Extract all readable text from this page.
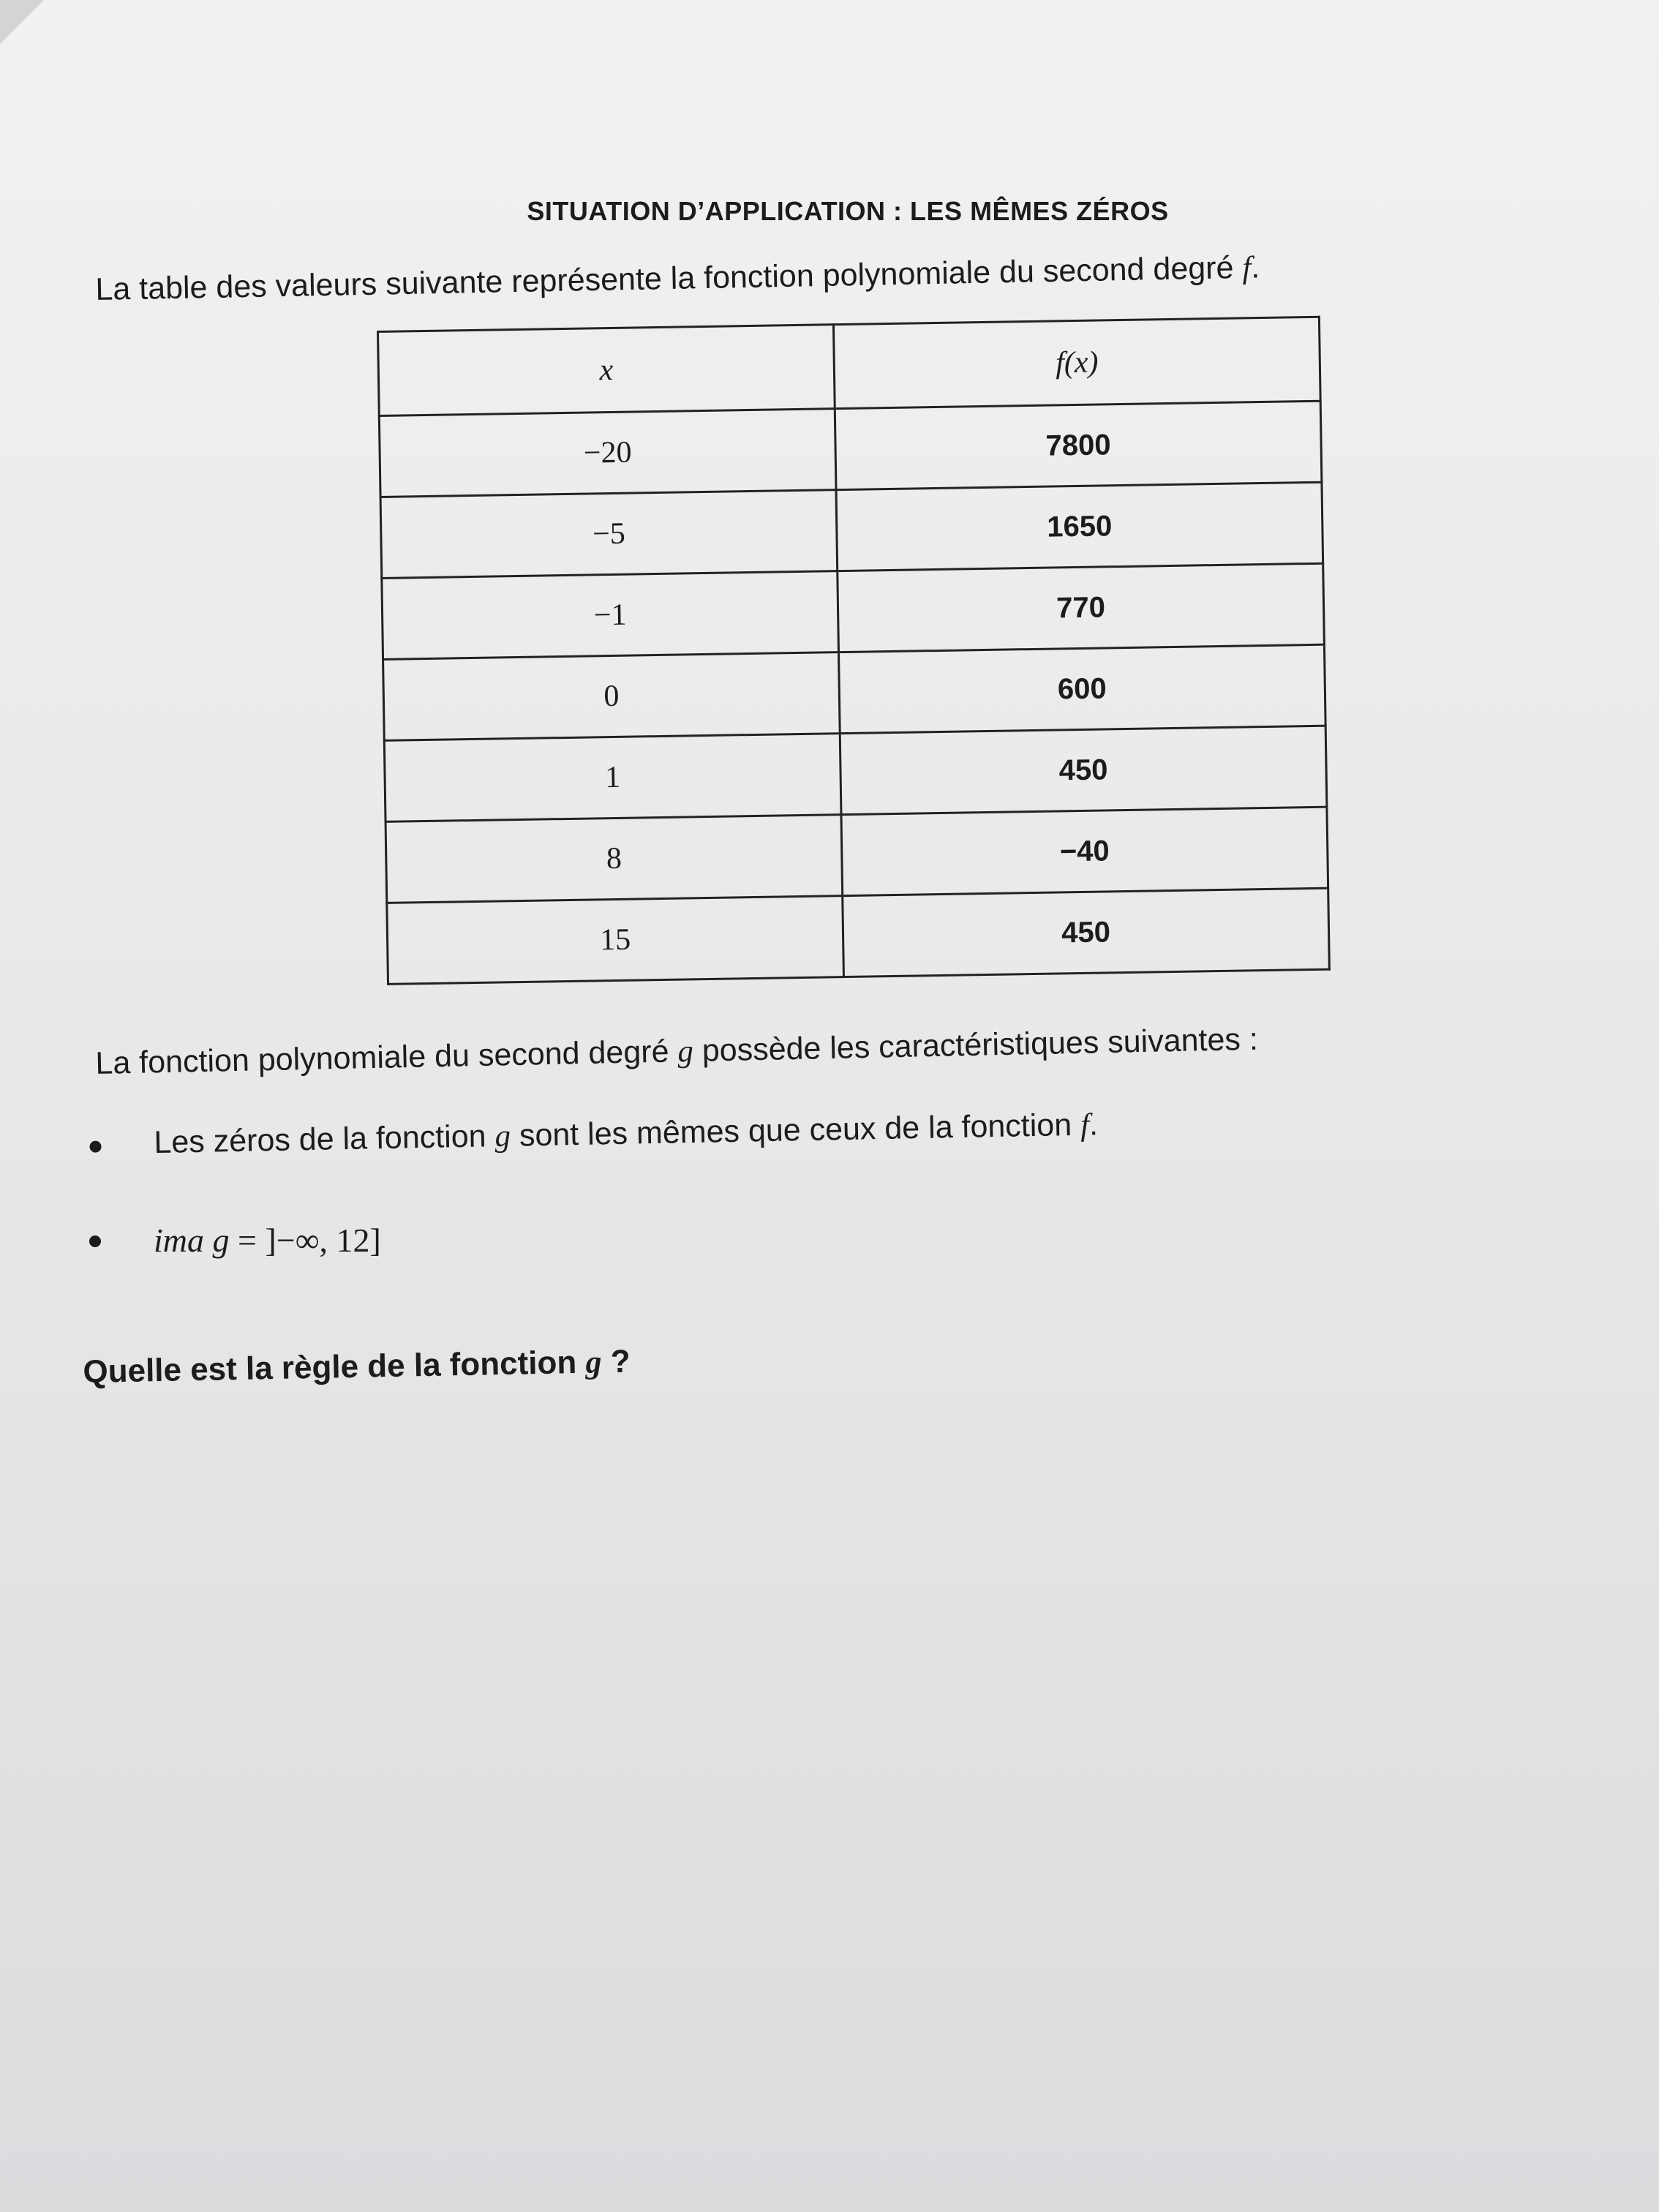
SITUATION D’APPLICATION : LES MÊMES ZÉROS
La table des valeurs suivante représente la fonction polynomiale du second degré f.
x	f(x)
−20	7800
−5	1650
−1	770
0	600
1	450
8	−40
15	450
La fonction polynomiale du second degré g possède les caractéristiques suivantes :
Les zéros de la fonction g sont les mêmes que ceux de la fonction f.
ima g = ]−∞, 12]
Quelle est la règle de la fonction g ?
